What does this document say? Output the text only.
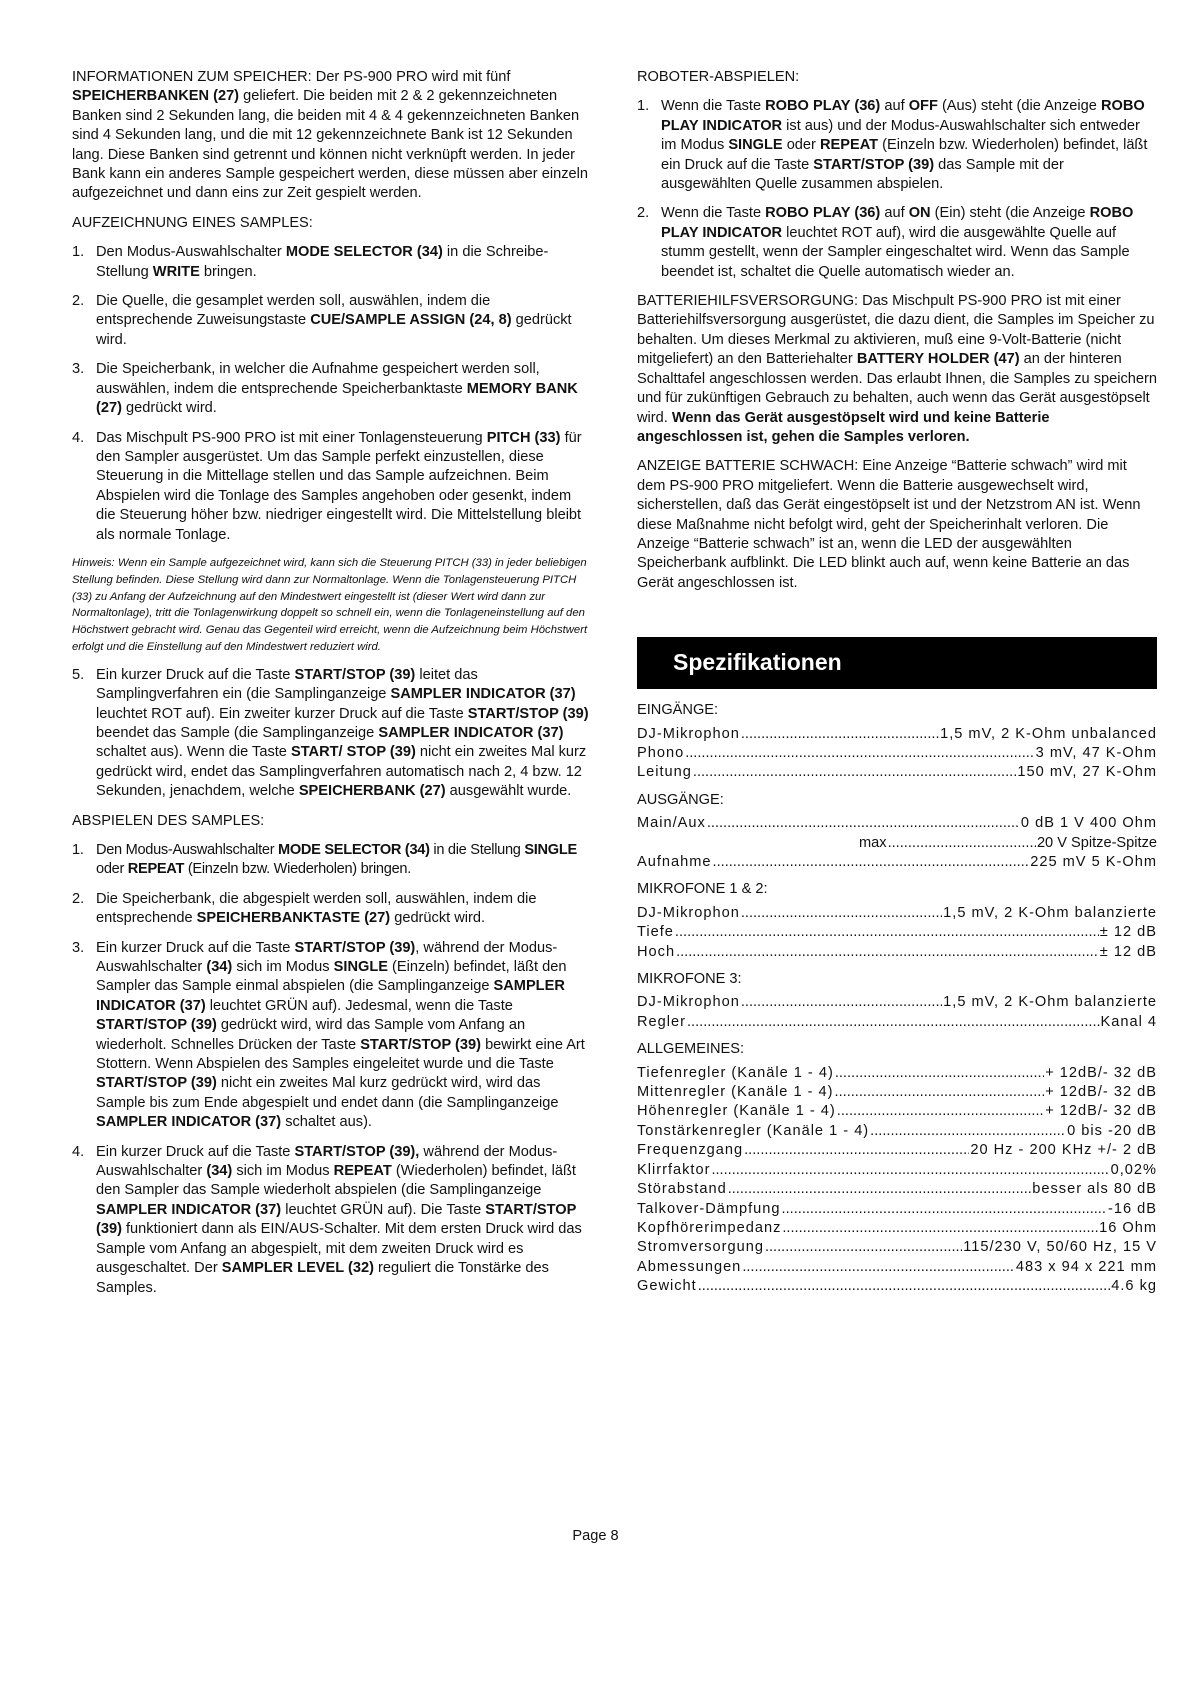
INFORMATIONEN ZUM SPEICHER: Der PS-900 PRO wird mit fünf SPEICHERBANKEN (27) geliefert. Die beiden mit 2 & 2 gekennzeichneten Banken sind 2 Sekunden lang, die beiden mit 4 & 4 gekennzeichneten Banken sind 4 Sekunden lang, und die mit 12 gekennzeichnete Bank ist 12 Sekunden lang. Diese Banken sind getrennt und können nicht verknüpft werden. In jeder Bank kann ein anderes Sample gespeichert werden, diese müssen aber einzeln aufgezeichnet und dann eins zur Zeit gespielt werden.

AUFZEICHNUNG EINES SAMPLES:

1. Den Modus-Auswahlschalter MODE SELECTOR (34) in die Schreibe-Stellung WRITE bringen.
2. Die Quelle, die gesamplet werden soll, auswählen, indem die entsprechende Zuweisungstaste CUE/SAMPLE ASSIGN (24, 8) gedrückt wird.
3. Die Speicherbank, in welcher die Aufnahme gespeichert werden soll, auswählen, indem die entsprechende Speicherbanktaste MEMORY BANK (27) gedrückt wird.
4. Das Mischpult PS-900 PRO ist mit einer Tonlagensteuerung PITCH (33) für den Sampler ausgerüstet. Um das Sample perfekt einzustellen, diese Steuerung in die Mittellage stellen und das Sample aufzeichnen. Beim Abspielen wird die Tonlage des Samples angehoben oder gesenkt, indem die Steuerung höher bzw. niedriger eingestellt wird. Die Mittelstellung bleibt als normale Tonlage.

Hinweis: Wenn ein Sample aufgezeichnet wird, kann sich die Steuerung PITCH (33) in jeder beliebigen Stellung befinden. Diese Stellung wird dann zur Normaltonlage. Wenn die Tonlagensteuerung PITCH (33) zu Anfang der Aufzeichnung auf den Mindestwert eingestellt ist (dieser Wert wird dann zur Normaltonlage), tritt die Tonlagenwirkung doppelt so schnell ein, wenn die Tonlageneinstellung auf den Höchstwert gebracht wird. Genau das Gegenteil wird erreicht, wenn die Aufzeichnung beim Höchstwert erfolgt und die Einstellung auf den Mindestwert reduziert wird.

5. Ein kurzer Druck auf die Taste START/STOP (39) leitet das Samplingverfahren ein (die Samplinganzeige SAMPLER INDICATOR (37) leuchtet ROT auf). Ein zweiter kurzer Druck auf die Taste START/STOP (39) beendet das Sample (die Samplinganzeige SAMPLER INDICATOR (37) schaltet aus). Wenn die Taste START/ STOP (39) nicht ein zweites Mal kurz gedrückt wird, endet das Samplingverfahren automatisch nach 2, 4 bzw. 12 Sekunden, jenachdem, welche SPEICHERBANK (27) ausgewählt wurde.

ABSPIELEN DES SAMPLES:

1. Den Modus-Auswahlschalter MODE SELECTOR (34) in die Stellung SINGLE oder REPEAT (Einzeln bzw. Wiederholen) bringen.
2. Die Speicherbank, die abgespielt werden soll, auswählen, indem die entsprechende SPEICHERBANKTASTE (27) gedrückt wird.
3. Ein kurzer Druck auf die Taste START/STOP (39), während der Modus-Auswahlschalter (34) sich im Modus SINGLE (Einzeln) befindet, läßt den Sampler das Sample einmal abspielen (die Samplinganzeige SAMPLER INDICATOR (37) leuchtet GRÜN auf). Jedesmal, wenn die Taste START/STOP (39) gedrückt wird, wird das Sample vom Anfang an wiederholt. Schnelles Drücken der Taste START/STOP (39) bewirkt eine Art Stottern. Wenn Abspielen des Samples eingeleitet wurde und die Taste START/STOP (39) nicht ein zweites Mal kurz gedrückt wird, wird das Sample bis zum Ende abgespielt und endet dann (die Samplinganzeige SAMPLER INDICATOR (37) schaltet aus).
4. Ein kurzer Druck auf die Taste START/STOP (39), während der Modus-Auswahlschalter (34) sich im Modus REPEAT (Wiederholen) befindet, läßt den Sampler das Sample wiederholt abspielen (die Samplinganzeige SAMPLER INDICATOR (37) leuchtet GRÜN auf). Die Taste START/STOP (39) funktioniert dann als EIN/AUS-Schalter. Mit dem ersten Druck wird das Sample vom Anfang an abgespielt, mit dem zweiten Druck wird es ausgeschaltet. Der SAMPLER LEVEL (32) reguliert die Tonstärke des Samples.

ROBOTER-ABSPIELEN:

1. Wenn die Taste ROBO PLAY (36) auf OFF (Aus) steht (die Anzeige ROBO PLAY INDICATOR ist aus) und der Modus-Auswahlschalter sich entweder im Modus SINGLE oder REPEAT (Einzeln bzw. Wiederholen) befindet, läßt ein Druck auf die Taste START/STOP (39) das Sample mit der ausgewählten Quelle zusammen abspielen.
2. Wenn die Taste ROBO PLAY (36) auf ON (Ein) steht (die Anzeige ROBO PLAY INDICATOR leuchtet ROT auf), wird die ausgewählte Quelle auf stumm gestellt, wenn der Sampler eingeschaltet wird. Wenn das Sample beendet ist, schaltet die Quelle automatisch wieder an.

BATTERIEHILFSVERSORGUNG: Das Mischpult PS-900 PRO ist mit einer Batteriehilfsversorgung ausgerüstet, die dazu dient, die Samples im Speicher zu behalten. Um dieses Merkmal zu aktivieren, muß eine 9-Volt-Batterie (nicht mitgeliefert) an den Batteriehalter BATTERY HOLDER (47) an der hinteren Schalttafel angeschlossen werden. Das erlaubt Ihnen, die Samples zu speichern und für zukünftigen Gebrauch zu behalten, auch wenn das Gerät ausgestöpselt wird. Wenn das Gerät ausgestöpselt wird und keine Batterie angeschlossen ist, gehen die Samples verloren.

ANZEIGE BATTERIE SCHWACH: Eine Anzeige “Batterie schwach” wird mit dem PS-900 PRO mitgeliefert. Wenn die Batterie ausgewechselt wird, sicherstellen, daß das Gerät eingestöpselt ist und der Netzstrom AN ist. Wenn diese Maßnahme nicht befolgt wird, geht der Speicherinhalt verloren. Die Anzeige “Batterie schwach” ist an, wenn die LED der ausgewählten Speicherbank aufblinkt. Die LED blinkt auch auf, wenn keine Batterie an das Gerät angeschlossen ist.

Spezifikationen

EINGÄNGE:

DJ-Mikrophon .....	1,5 mV, 2 K-Ohm unbalanced
Phono .....	3 mV, 47 K-Ohm
Leitung .....	150 mV, 27 K-Ohm

AUSGÄNGE:

Main/Aux .....	0 dB 1 V 400 Ohm
max .....	20 V Spitze-Spitze
Aufnahme .....	225 mV 5 K-Ohm

MIKROFONE 1 & 2:

DJ-Mikrophon .....	1,5 mV, 2 K-Ohm balanzierte
Tiefe .....	± 12 dB
Hoch .....	± 12 dB

MIKROFONE 3:

DJ-Mikrophon .....	1,5 mV, 2 K-Ohm balanzierte
Regler .....	Kanal 4

ALLGEMEINES:

Tiefenregler (Kanäle 1 - 4) .....	+ 12dB/- 32 dB
Mittenregler (Kanäle 1 - 4) .....	+ 12dB/- 32 dB
Höhenregler (Kanäle 1 - 4) .....	+ 12dB/- 32 dB
Tonstärkenregler (Kanäle 1 - 4) .....	0 bis -20 dB
Frequenzgang .....	20 Hz - 200 KHz +/- 2 dB
Klirrfaktor .....	0,02%
Störabstand .....	besser als 80 dB
Talkover-Dämpfung .....	-16 dB
Kopfhörerimpedanz .....	16 Ohm
Stromversorgung .....	115/230 V, 50/60 Hz, 15 V
Abmessungen .....	483 x 94 x 221 mm
Gewicht .....	4.6 kg
Page 8
